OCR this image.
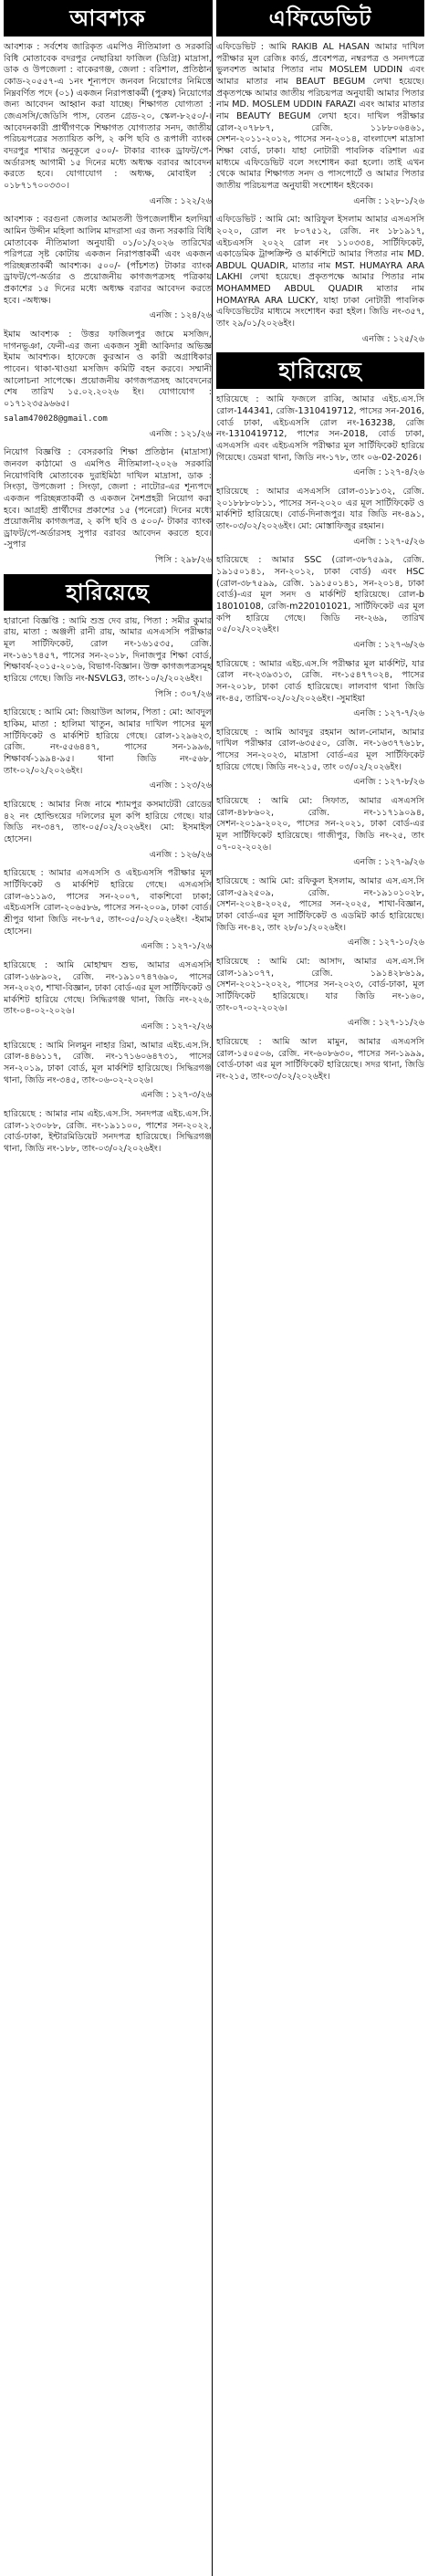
আবশ্যক
আবশ্যক : সর্বশেষ জারিকৃত এমপিও নীতিমালা ও সরকারি বিধি মোতাবেক বদরপুর নেছারিয়া ফাজিল (ডিগ্রি) মাদ্রাসা, ডাক ও উপজেলা : বাকেরগঞ্জ, জেলা : বরিশাল, প্রতিষ্ঠান কোড-২০৫৫৭-এ ১নং শূন্যপদে জনবল নিয়োগের নিমিত্তে নিম্নবর্ণিত পদে (০১) একজন নিরাপত্তাকর্মী (পুরুষ) নিয়োগের জন্য আবেদন আহ্বান করা যাচ্ছে। শিক্ষাগত যোগ্যতা : জেএসসি/জেডিসি পাস, বেতন গ্রেড-২০, স্কেল-৮২৫০/-। আবেদনকারী প্রার্থীগণকে শিক্ষাগত যোগ্যতার সনদ, জাতীয় পরিচয়পত্রের সত্যায়িত কপি, ২ কপি ছবি ও রূপালী ব্যাংক বদরপুর শাখার অনুকূলে ৫০০/- টাকার ব্যাংক ড্রাফট/পে-অর্ডারসহ আগামী ১৫ দিনের মধ্যে অধ্যক্ষ বরাবর আবেদন করতে হবে। যোগাযোগ : অধ্যক্ষ, মোবাইল : ০১৮৭১৭০০৩৩০।
এনজি : ১২২/২৬
আবশ্যক : বরগুনা জেলার আমতলী উপজেলাধীন হলদিয়া আমিন উদ্দীন মহিলা আলিম মাদরাসা এর জন্য সরকারি বিধি মোতাবেক নীতিমালা অনুযায়ী ০১/০১/২০২৬ তারিখের পরিপত্রে সৃষ্ট কোটায় একজন নিরাপত্তাকর্মী এবং একজন পরিচ্ছন্নতাকর্মী আবশ্যক। ৫০০/- (পাঁচশত) টাকার ব্যাংক ড্রাফট/পে-অর্ডার ও প্রয়োজনীয় কাগজপত্রসহ পত্রিকায় প্রকাশের ১৫ দিনের মধ্যে অধ্যক্ষ বরাবর আবেদন করতে হবে। -অধ্যক্ষ।
এনজি : ১২৪/২৬
ইমাম আবশ্যক : উত্তর ফাজিলপুর জামে মসজিদ, দাগনভূঞা, ফেনী-এর জন্য একজন সুন্নী আকিদার অভিজ্ঞ ইমাম আবশ্যক। হাফেজে কুরআন ও কারী অগ্রাধিকার পাবেন। থাকা-খাওয়া মসজিদ কমিটি বহন করবে। সম্মানী আলোচনা সাপেক্ষে। প্রয়োজনীয় কাগজপত্রসহ আবেদনের শেষ তারিখ ১৫.০২.২০২৬ ইং। যোগাযোগ : ০১৭১২৩৫৯৬৬৫।
salam470028@gmail.com
এনজি : ১২১/২৬
নিয়োগ বিজ্ঞপ্তি : বেসরকারি শিক্ষা প্রতিষ্ঠান (মাদ্রাসা) জনবল কাঠামো ও এমপিও নীতিমালা-২০২৬ সরকারি নিয়োগবিধি মোতাবেক দুরাইমিঠা দাখিল মাদ্রাসা, ডাক : সিংড়া, উপজেলা : সিংড়া, জেলা : নাটোর-এর শূন্যপদে একজন পরিচ্ছন্নতাকর্মী ও একজন নৈশপ্রহরী নিয়োগ করা হবে। আগ্রহী প্রার্থীদের প্রকাশের ১৫ (পনেরো) দিনের মধ্যে প্রয়োজনীয় কাগজপত্র, ২ কপি ছবি ও ৫০০/- টাকার ব্যাংক ড্রাফট/পে-অর্ডারসহ সুপার বরাবর আবেদন করতে হবে। -সুপার
পিসি : ২৯৮/২৬
হারিয়েছে
হারানো বিজ্ঞপ্তি : আমি শুভ্র দেব রায়, পিতা : সমীর কুমার রায়, মাতা : অঞ্জলী রানী রায়, আমার এসএসসি পরীক্ষার মূল সার্টিফিকেট, রোল নং-১৬১৫৩৫, রেজি. নং-১৬১৭৪৫৭, পাসের সন-২০১৮, দিনাজপুর শিক্ষা বোর্ড, শিক্ষাবর্ষ-২০১৫-২০১৬, বিভাগ-বিজ্ঞান। উক্ত কাগজপত্রসমূহ হারিয়ে গেছে। জিডি নং-NSVLG3, তাং-১০/২/২০২৬ইং।
পিসি : ৩০৭/২৬
হারিয়েছে : আমি মো: জিয়াউল আলম, পিতা : মো: আবদুল হাকিম, মাতা : হালিমা খাতুন, আমার দাখিল পাসের মূল সার্টিফিকেট ও মার্কশিট হারিয়ে গেছে। রোল-১২৯৬২৩, রেজি. নং-৫৫৬৪৪৭, পাসের সন-১৯৯৬, শিক্ষাবর্ষ-১৯৯৪-৯৫। থানা জিডি নং-৫৬৮, তাং-০২/০২/২০২৬ইং।
এনজি : ১২৩/২৬
হারিয়েছে : আমার নিজ নামে শ্যামপুর কসমাটেরী রোডের ৪২ নং হোল্ডিংয়ের দলিলের মূল কপি হারিয়ে গেছে। যার জিডি নং-৩৪৭, তাং-০৫/০২/২০২৬ইং। মো: ইসমাইল হোসেন।
এনজি : ১২৬/২৬
হারিয়েছে : আমার এসএসসি ও এইচএসসি পরীক্ষার মূল সার্টিফিকেট ও মার্কশিট হারিয়ে গেছে। এসএসসি রোল-৬১১৯৩, পাসের সন-২০০৭, বাকশিবো ঢাকা; এইচএসসি রোল-২০৬৫৮৬, পাসের সন-২০০৯, ঢাকা বোর্ড। শ্রীপুর থানা জিডি নং-৮৭৫, তাং-০৫/০২/২০২৬ইং। -ইমাম হোসেন।
এনজি : ১২৭-১/২৬
হারিয়েছে : আমি মোহাম্মদ শুভ, আমার এসএসসি রোল-১৬৮৯০২, রেজি. নং-১৯১০৭৪৭৬৯০, পাসের সন-২০২৩, শাখা-বিজ্ঞান, ঢাকা বোর্ড-এর মূল সার্টিফিকেট ও মার্কশিট হারিয়ে গেছে। সিদ্ধিরগঞ্জ থানা, জিডি নং-২২৬, তাং-০৪-০২-২০২৬।
এনজি : ১২৭-২/২৬
হারিয়েছে : আমি নিলমুন নাহার রিমা, আমার এইচ.এস.সি. রোল-৪৪৬১১৭, রেজি. নং-১৭১৬০৬৪৭৩১, পাসের সন-২০১৯, ঢাকা বোর্ড, মূল মার্কশিট হারিয়েছে। সিদ্ধিরগঞ্জ থানা, জিডি নং-৩৪৫, তাং-০৬-০২-২০২৬।
এনজি : ১২৭-৩/২৬
হারিয়েছে : আমার নাম এইচ.এস.সি. সনদপত্র এইচ.এস.সি. রোল-১২৩০৮৮, রেজি. নং-১৯১১০০, পাশের সন-২০২২, বোর্ড-ঢাকা, ইন্টারমিডিয়েট সনদপত্র হারিয়েছে। সিদ্ধিরগঞ্জ থানা, জিডি নং-১৮৮, তাং-০৩/০২/২০২৬ইং।
এফিডেভিট
এফিডেভিট : আমি RAKIB AL HASAN আমার দাখিল পরীক্ষার মূল রেজিঃ কার্ড, প্রবেশপত্র, নম্বরপত্র ও সনদপত্রে ভুলবশত আমার পিতার নাম MOSLEM UDDIN এবং আমার মাতার নাম BEAUT BEGUM লেখা হয়েছে। প্রকৃতপক্ষে আমার জাতীয় পরিচয়পত্র অনুযায়ী আমার পিতার নাম MD. MOSLEM UDDIN FARAZI এবং আমার মাতার নাম BEAUTY BEGUM লেখা হবে। দাখিল পরীক্ষার রোল-২০৭৮৮৭, রেজি. ১১৮৮০৬৪৬১, সেশন-২০১১-২০১২, পাসের সন-২০১৪, বাংলাদেশ মাদ্রাসা শিক্ষা বোর্ড, ঢাকা। যাহা নোটারী পাবলিক বরিশাল এর মাধ্যমে এফিডেভিট বলে সংশোধন করা হলো। তাই এখন থেকে আমার শিক্ষাগত সনদ ও পাসপোর্টে ও আমার পিতার জাতীয় পরিচয়পত্র অনুযায়ী সংশোধন হইবেক।
এনজি : ১২৮-১/২৬
এফিডেভিট : আমি মো: আরিফুল ইসলাম আমার এসএসসি ২০২০, রোল নং ৮০৭৫১২, রেজি. নং ১৮১৯১৭, এইচএসসি ২০২২ রোল নং ১১০৩৩৪, সার্টিফিকেট, একাডেমিক ট্রান্সক্রিপ্ট ও মার্কশিটে আমার পিতার নাম MD. ABDUL QUADIR, মাতার নাম MST. HUMAYRA ARA LAKHI লেখা হয়েছে। প্রকৃতপক্ষে আমার পিতার নাম MOHAMMED ABDUL QUADIR মাতার নাম HOMAYRA ARA LUCKY, যাহা ঢাকা নোটারী পাবলিক এফিডেভিটের মাধ্যমে সংশোধন করা হইল। জিডি নং-৩৫৭, তাং ২৯/০১/২০২৬ইং।
এনজি : ১২৫/২৬
হারিয়েছে
হারিয়েছে : আমি ফজলে রাব্বি, আমার এইচ.এস.সি রোল-144341, রেজি-1310419712, পাসের সন-2016, বোর্ড ঢাকা, এইচএসসি রোল নং-163238, রেজি নং-1310419712, পাশের সন-2018, বোর্ড ঢাকা, এসএসসি এবং এইচএসসি পরীক্ষার মূল সার্টিফিকেট হারিয়ে গিয়েছে। ডেমরা থানা, জিডি নং-১৭৮, তাং ০৬-02-2026।
এনজি : ১২৭-৪/২৬
হারিয়েছে : আমার এসএসসি রোল-৩১৮১৩২, রেজি. ২০১৮৮৮০৮১১, পাসের সন-২০২০ এর মূল সার্টিফিকেট ও মার্কশিট হারিয়েছে। বোর্ড-দিনাজপুর। যার জিডি নং-৪৯১, তাং-০৩/০২/২০২৬ইং। মো: মোস্তাফিজুর রহমান।
এনজি : ১২৭-৫/২৬
হারিয়েছে : আমার SSC (রোল-৩৮৭৫৯৯, রেজি. ১৯১৫০১৪১, সন-২০১২, ঢাকা বোর্ড) এবং HSC (রোল-৩৮৭৫৯৯, রেজি. ১৯১৫০১৪১, সন-২০১৪, ঢাকা বোর্ড)-এর মূল সনদ ও মার্কশিট হারিয়েছে। রোল-b 18010108, রেজি-m220101021, সার্টিফিকেট এর মূল কপি হারিয়ে গেছে। জিডি নং-২৬৯, তারিখ ০৫/০২/২০২৬ইং।
এনজি : ১২৭-৬/২৬
হারিয়েছে : আমার এইচ.এস.সি পরীক্ষার মূল মার্কশিট, যার রোল নং-২৩৯৩১৩, রেজি. নং-১৫৪৭৭০২৪, পাসের সন-২০১৮, ঢাকা বোর্ড হারিয়েছে। লালবাগ থানা জিডি নং-৪৫, তারিখ-০২/০২/২০২৬ইং। -সুমাইয়া
এনজি : ১২৭-৭/২৬
হারিয়েছে : আমি আবদুর রহমান আল-নোমান, আমার দাখিল পরীক্ষার রোল-৬৩৫৫০, রেজি. নং-১৬৩৭৭৬১৮, পাসের সন-২০২৩, মাদ্রাসা বোর্ড-এর মূল সার্টিফিকেট হারিয়ে গেছে। জিডি নং-২১৫, তাং ০৩/০২/২০২৬ইং।
এনজি : ১২৭-৮/২৬
হারিয়েছে : আমি মো: সিফাত, আমার এসএসসি রোল-৪৮৮৬০২, রেজি. নং-১১৭১৯০৯৪, সেশন-২০১৯-২০২০, পাসের সন-২০২১, ঢাকা বোর্ড-এর মূল সার্টিফিকেট হারিয়েছে। গাজীপুর, জিডি নং-২৫, তাং ০৭-০২-২০২৬।
এনজি : ১২৭-৯/২৬
হারিয়েছে : আমি মো: রফিকুল ইসলাম, আমার এস.এস.সি রোল-৫৯২৫০৯, রেজি. নং-১৯১০১০২৮, সেশন-২০২৪-২০২৫, পাসের সন-২০২৫, শাখা-বিজ্ঞান, ঢাকা বোর্ড-এর মূল সার্টিফিকেট ও এডমিট কার্ড হারিয়েছে। জিডি নং-৪২, তাং ২৮/০১/২০২৬ইং।
এনজি : ১২৭-১০/২৬
হারিয়েছে : আমি মো: আসাদ, আমার এস.এস.সি রোল-১৯১০৭৭, রেজি. ১৯১৪২৮৬১৯, সেশন-২০২১-২০২২, পাসের সন-২০২৩, বোর্ড-ঢাকা, মূল সার্টিফিকেট হারিয়েছে। যার জিডি নং-১৬০, তাং-০৭-০২-২০২৬।
এনজি : ১২৭-১১/২৬
হারিয়েছে : আমি আল মামুন, আমার এসএসসি রোল-১৫০৫০৬, রেজি. নং-৬০৮৬৩০, পাসের সন-১৯৯৯, বোর্ড-ঢাকা এর মূল সার্টিফিকেট হারিয়েছে। সদর থানা, জিডি নং-২১৫, তাং-০৩/০২/২০২৬ইং।
